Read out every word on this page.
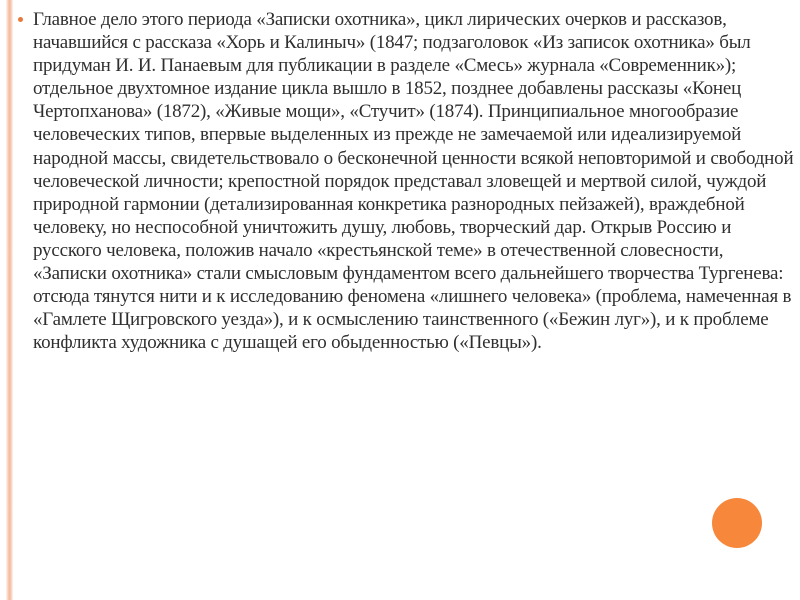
Главное дело этого периода «Записки охотника», цикл лирических очерков и рассказов, начавшийся с рассказа «Хорь и Калиныч» (1847; подзаголовок «Из записок охотника» был придуман И. И. Панаевым для публикации в разделе «Смесь» журнала «Современник»); отдельное двухтомное издание цикла вышло в 1852, позднее добавлены рассказы «Конец Чертопханова» (1872), «Живые мощи», «Стучит» (1874). Принципиальное многообразие человеческих типов, впервые выделенных из прежде не замечаемой или идеализируемой народной массы, свидетельствовало о бесконечной ценности всякой неповторимой и свободной человеческой личности; крепостной порядок представал зловещей и мертвой силой, чуждой природной гармонии (детализированная конкретика разнородных пейзажей), враждебной человеку, но неспособной уничтожить душу, любовь, творческий дар. Открыв Россию и русского человека, положив начало «крестьянской теме» в отечественной словесности, «Записки охотника» стали смысловым фундаментом всего дальнейшего творчества Тургенева: отсюда тянутся нити и к исследованию феномена «лишнего человека» (проблема, намеченная в «Гамлете Щигровского уезда»), и к осмыслению таинственного («Бежин луг»), и к проблеме конфликта художника с душащей его обыденностью («Певцы»).
